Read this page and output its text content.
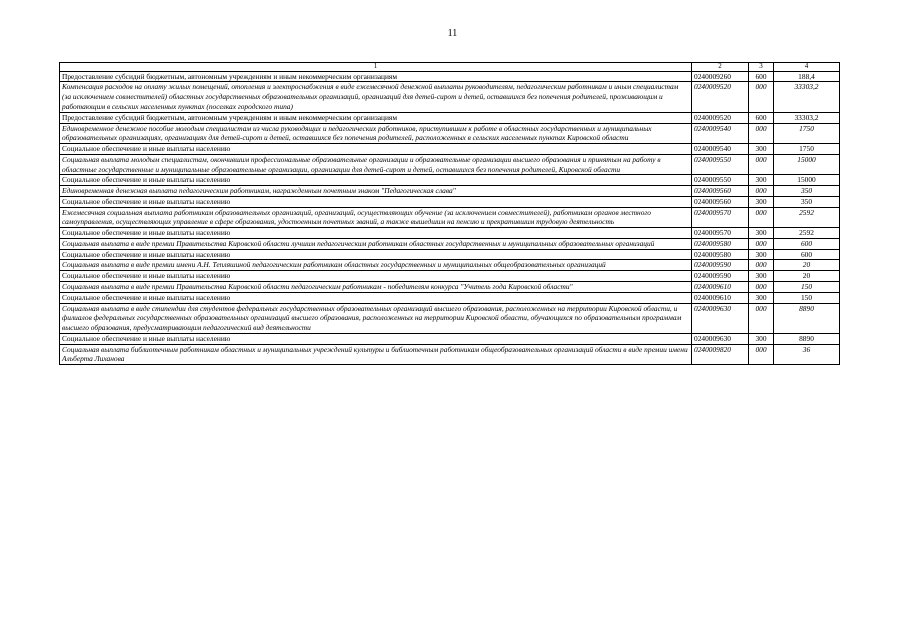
11
1	2	3	4
Предоставление субсидий бюджетным, автономным учреждениям и иным некоммерческим организациям	0240009260	600	188,4
Компенсация расходов на оплату жилых помещений, отопления и электроснабжения в виде ежемесячной денежной выплаты руководителям, педагогическим работникам и иным специалистам (за исключением совместителей) областных государственных образовательных организаций, организаций для детей-сирот и детей, оставшихся без попечения родителей, проживающим и работающим в сельских населенных пунктах (поселках городского типа)	0240009520	000	33303,2
Предоставление субсидий бюджетным, автономным учреждениям и иным некоммерческим организациям	0240009520	600	33303,2
Единовременное денежное пособие молодым специалистам из числа руководящих и педагогических работников, приступившим к работе в областных государственных и муниципальных образовательных организациях, организациях для детей-сирот и детей, оставшихся без попечения родителей, расположенных в сельских населенных пунктах Кировской области	0240009540	000	1750
Социальное обеспечение и иные выплаты населению	0240009540	300	1750
Социальная выплата молодым специалистам, окончившим профессиональные образовательные организации и образовательные организации высшего образования и принятым на работу в областные государственные и муниципальные образовательные организации, организации для детей-сирот и детей, оставшихся без попечения родителей, Кировской области	0240009550	000	15000
Социальное обеспечение и иные выплаты населению	0240009550	300	15000
Единовременная денежная выплата педагогическим работникам, награжденным почетным знаком "Педагогическая слава"	0240009560	000	350
Социальное обеспечение и иные выплаты населению	0240009560	300	350
Ежемесячная социальная выплата работникам образовательных организаций, организаций, осуществляющих обучение (за исключением совместителей), работникам органов местного самоуправления, осуществляющих управление в сфере образования, удостоенным почетных званий, а также вышедшим на пенсию и прекратившим трудовую деятельность	0240009570	000	2592
Социальное обеспечение и иные выплаты населению	0240009570	300	2592
Социальная выплата в виде премии Правительства Кировской области лучшим педагогическим работникам областных государственных и муниципальных образовательных организаций	0240009580	000	600
Социальное обеспечение и иные выплаты населению	0240009580	300	600
Социальная выплата в виде премии имени А.Н. Тепляшиной педагогическим работникам областных государственных и муниципальных общеобразовательных организаций	0240009590	000	20
Социальное обеспечение и иные выплаты населению	0240009590	300	20
Социальная выплата в виде премии Правительства Кировской области педагогическим работникам - победителям конкурса "Учитель года Кировской области"	0240009610	000	150
Социальное обеспечение и иные выплаты населению	0240009610	300	150
Социальная выплата в виде стипендии для студентов федеральных государственных образовательных организаций высшего образования, расположенных на территории Кировской области, и филиалов федеральных государственных образовательных организаций высшего образования, расположенных на территории Кировской области, обучающихся по образовательным программам высшего образования, предусматривающим педагогический вид деятельности	0240009630	000	8890
Социальное обеспечение и иные выплаты населению	0240009630	300	8890
Социальная выплата библиотечным работникам областных и муниципальных учреждений культуры и библиотечным работникам общеобразовательных организаций области в виде премии имени Альберта Лиханова	0240009820	000	36
